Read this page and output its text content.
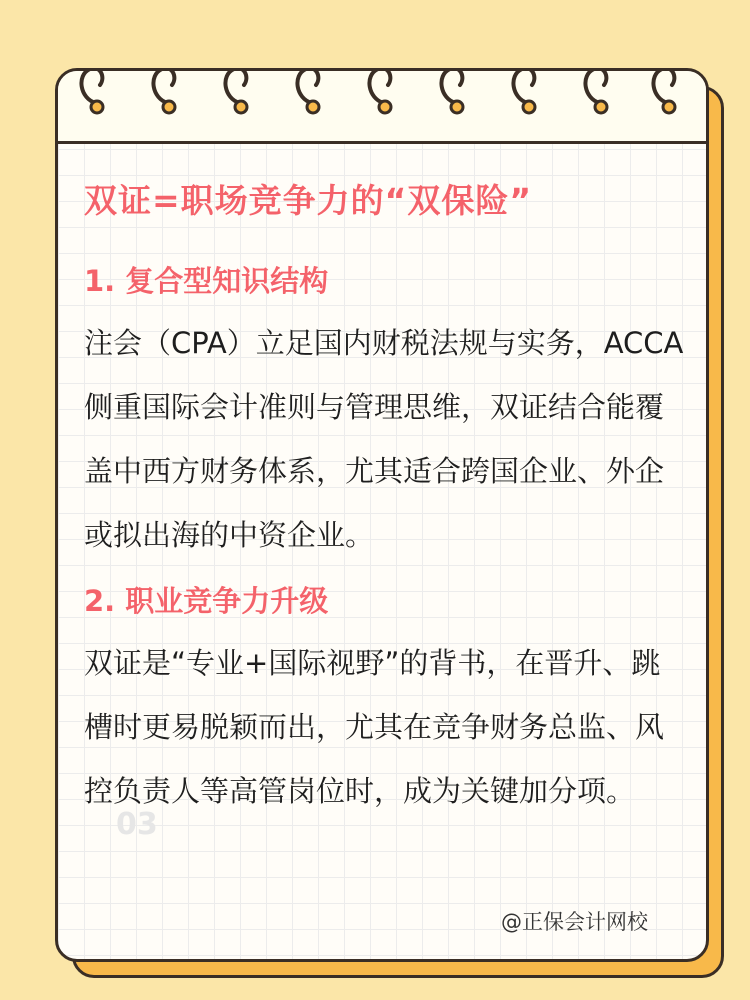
双证=职场竞争力的“双保险”
1. 复合型知识结构

注会（CPA）立足国内财税法规与实务，ACCA侧重国际会计准则与管理思维，双证结合能覆盖中西方财务体系，尤其适合跨国企业、外企或拟出海的中资企业。

2. 职业竞争力升级

双证是“专业+国际视野”的背书，在晋升、跳槽时更易脱颖而出，尤其在竞争财务总监、风控负责人等高管岗位时，成为关键加分项。

03
@正保会计网校
